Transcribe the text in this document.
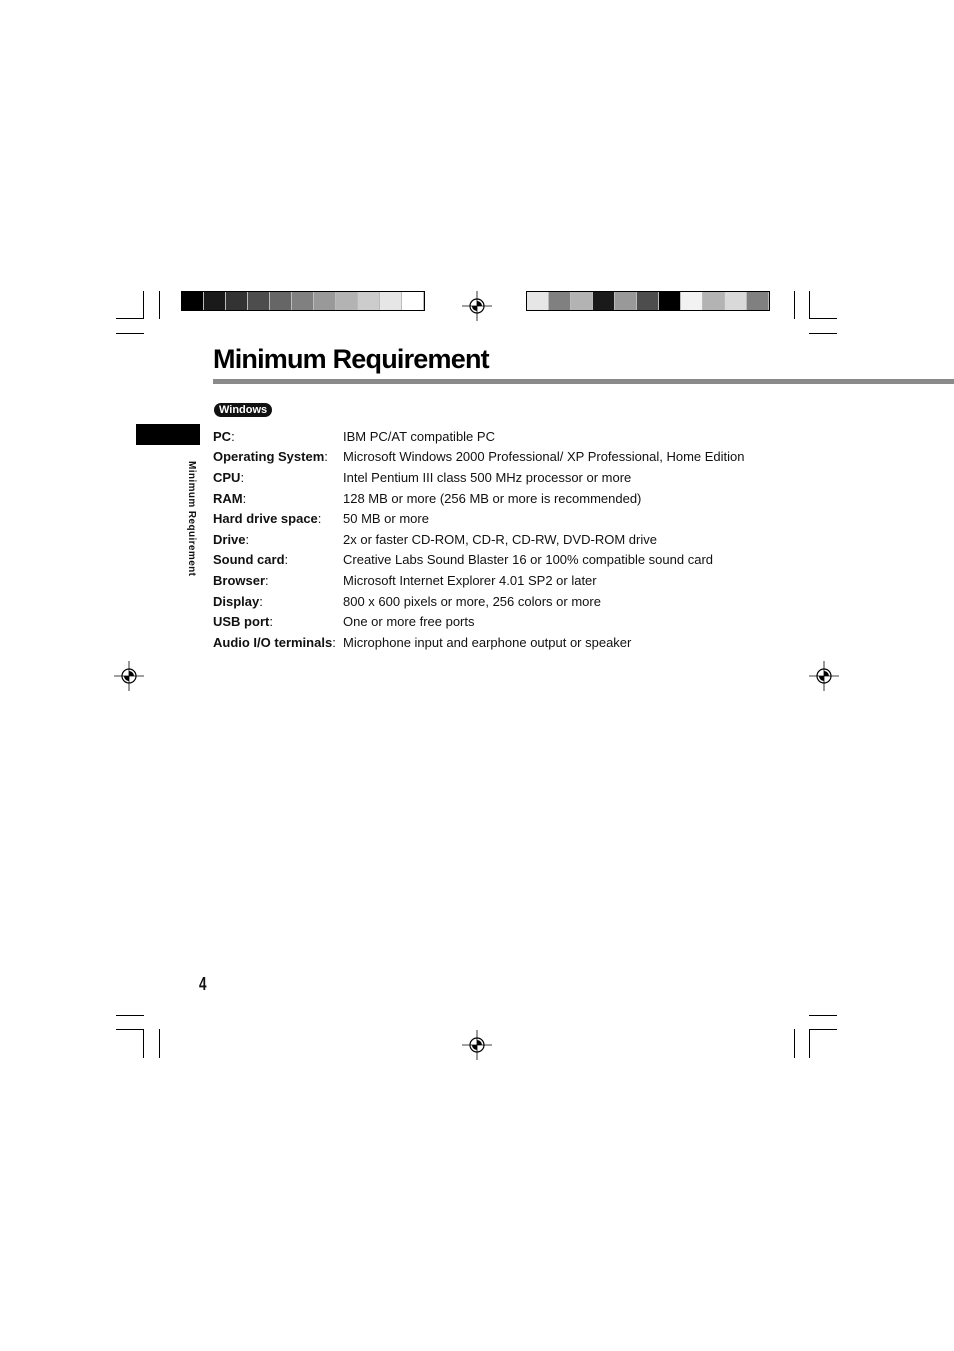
Minimum Requirement
Windows
Minimum Requirement
PC:	IBM PC/AT compatible PC
Operating System:	Microsoft Windows 2000 Professional/ XP Professional, Home Edition
CPU:	Intel Pentium III class 500 MHz processor or more
RAM:	128 MB or more (256 MB or more is recommended)
Hard drive space:	50 MB or more
Drive:	2x or faster CD-ROM, CD-R, CD-RW, DVD-ROM drive
Sound card:	Creative Labs Sound Blaster 16 or 100% compatible sound card
Browser:	Microsoft Internet Explorer 4.01 SP2 or later
Display:	800 x 600 pixels or more, 256 colors or more
USB port:	One or more free ports
Audio I/O terminals:	Microphone input and earphone output or speaker
4
